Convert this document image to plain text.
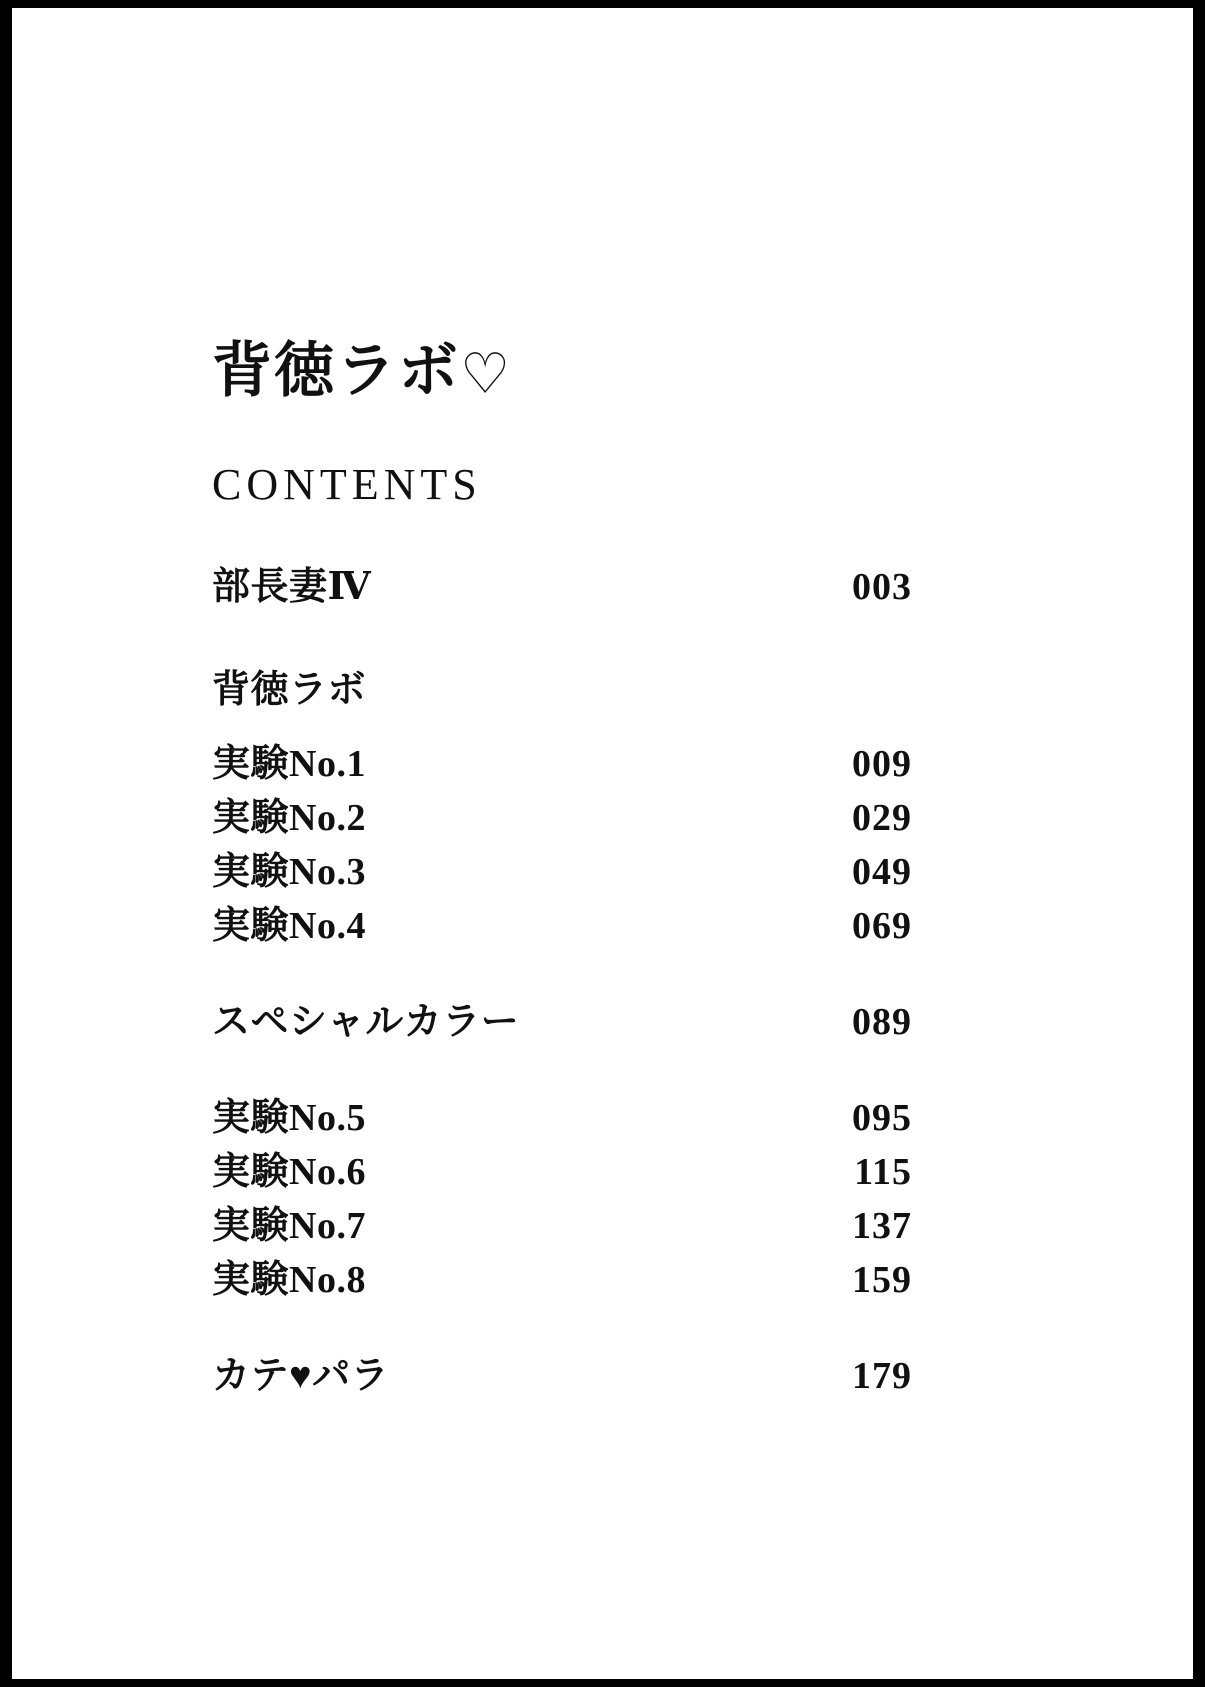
背徳ラボ♡
CONTENTS
部長妻Ⅳ	003
背徳ラボ
実験No.1	009
実験No.2	029
実験No.3	049
実験No.4	069
スペシャルカラー	089
実験No.5	095
実験No.6	115
実験No.7	137
実験No.8	159
カテ♥パラ	179
